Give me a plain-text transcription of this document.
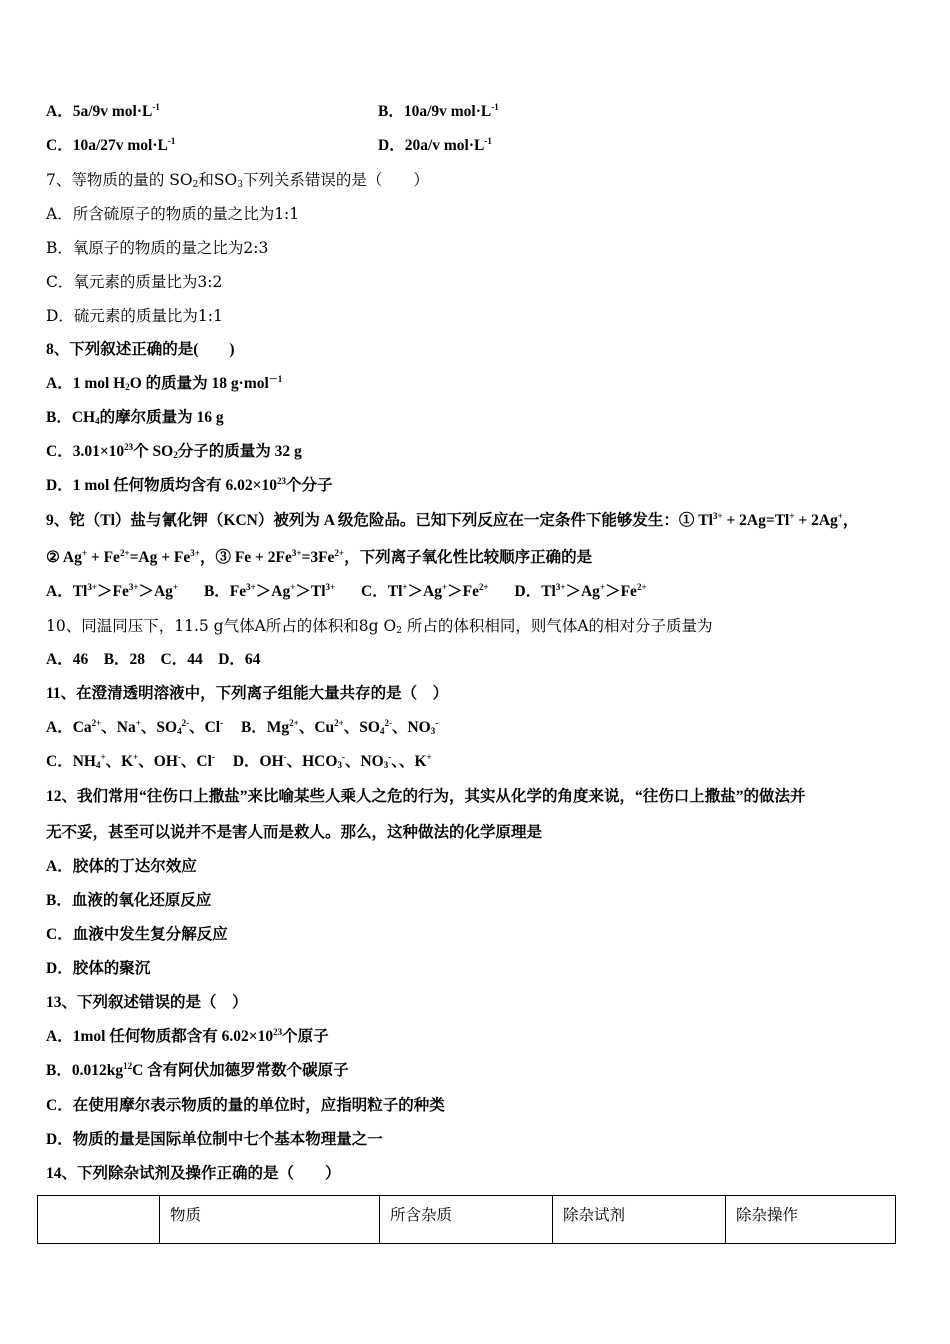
A．5a/9v $mol\cdot L^{-1}$	B．10a/9v $mol\cdot L^{-1}$
C．10a/27v $mol\cdot L^{-1}$	D．20a/v $mol\cdot L^{-1}$
7、等物质的量的 $SO_2$和$SO_3$下列关系错误的是（　　）
A．所含硫原子的物质的量之比为1:1
B．氧原子的物质的量之比为2:3
C．氧元素的质量比为3:2
D．硫元素的质量比为1:1
8、下列叙述正确的是(　　)
A．1 mol $H_2O$ 的质量为 18 g·mol$^{-1}$
B．$CH_4$的摩尔质量为 16 g
C．$3.01\times 10^{23}$个 $SO_2$分子的质量为 32 g
D．1 mol 任何物质均含有 $6.02\times 10^{23}$个分子
9、铊（Tl）盐与氰化钾（KCN）被列为 A 级危险品。已知下列反应在一定条件下能够发生：① $Tl^{3+} + 2Ag=Tl^+ + 2Ag^+$，
② $Ag^+ + Fe^{2+}=Ag + Fe^{3+}$，③ $Fe + 2Fe^{3+}=3Fe^{2+}$，下列离子氧化性比较顺序正确的是
A．$Tl^{3+}>Fe^{3+}>Ag^+$ B．$Fe^{3+}>Ag^+>Tl^{3+}$ C．$Tl^+>Ag^+>Fe^{2+}$ D．$Tl^{3+}>Ag^+>Fe^{2+}$
10、同温同压下，11.5 g气体A所占的体积和8g $O_2$ 所占的体积相同，则气体A的相对分子质量为
A．46　B．28　C．44　D．64
11、在澄清透明溶液中，下列离子组能大量共存的是（　）
A．$Ca^{2+}$、Na+、$SO_4^{2-}$、Cl- B．$Mg^{2+}$、$Cu^{2+}$、$SO_4^{2-}$、$NO_3^-$
C．$NH_4^+$、K+、OH-、Cl- D．OH-、$HCO_3^-$、$NO_3^-$、、K+
12、我们常用“往伤口上撒盐”来比喻某些人乘人之危的行为，其实从化学的角度来说，“往伤口上撒盐”的做法并
无不妥，甚至可以说并不是害人而是救人。那么，这种做法的化学原理是
A．胶体的丁达尔效应
B．血液的氧化还原反应
C．血液中发生复分解反应
D．胶体的聚沉
13、下列叙述错误的是（　）
A．1mol 任何物质都含有 $6.02\times 10^{23}$个原子
B．$0.012kg^{12}C$ 含有阿伏加德罗常数个碳原子
C．在使用摩尔表示物质的量的单位时，应指明粒子的种类
D．物质的量是国际单位制中七个基本物理量之一
14、下列除杂试剂及操作正确的是（　　）
	物质	所含杂质	除杂试剂	除杂操作
